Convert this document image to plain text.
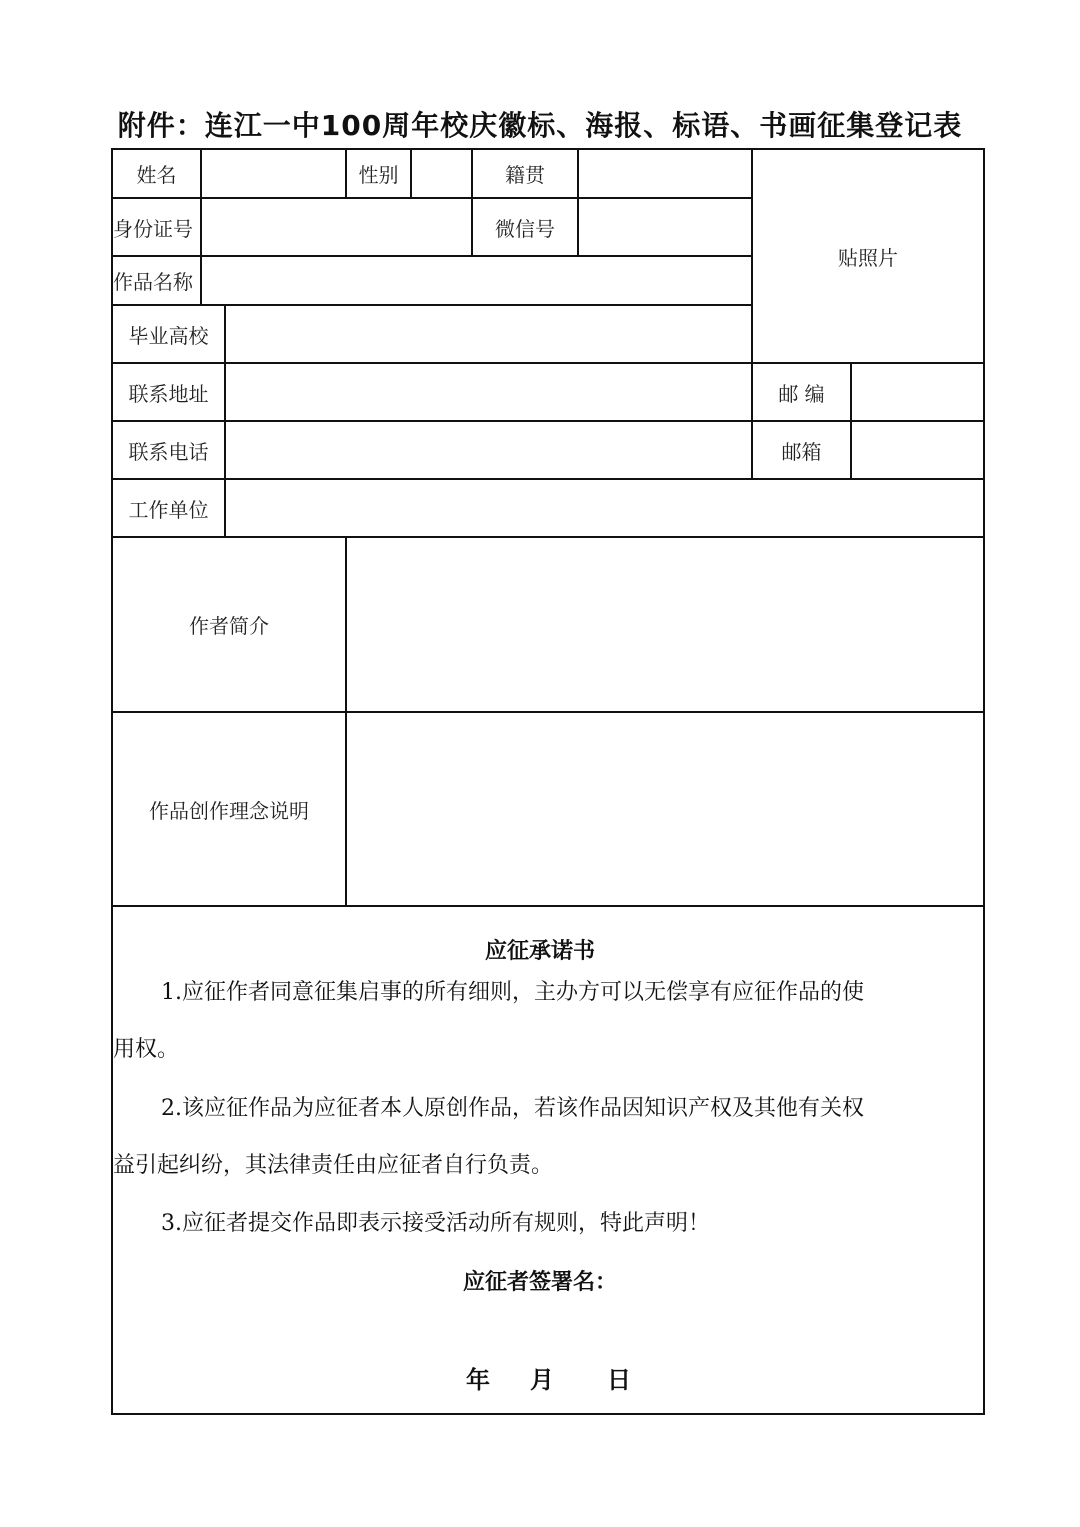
附件：连江一中100周年校庆徽标、海报、标语、书画征集登记表
姓名	性别	籍贯
贴照片
身份证号	微信号
作品名称
毕业高校
联系地址	邮 编
联系电话	邮箱
工作单位
作者简介
作品创作理念说明
应征承诺书
1.应征作者同意征集启事的所有细则，主办方可以无偿享有应征作品的使
用权。
2.该应征作品为应征者本人原创作品，若该作品因知识产权及其他有关权
益引起纠纷，其法律责任由应征者自行负责。
3.应征者提交作品即表示接受活动所有规则，特此声明！
应征者签署名：
年 月 日
